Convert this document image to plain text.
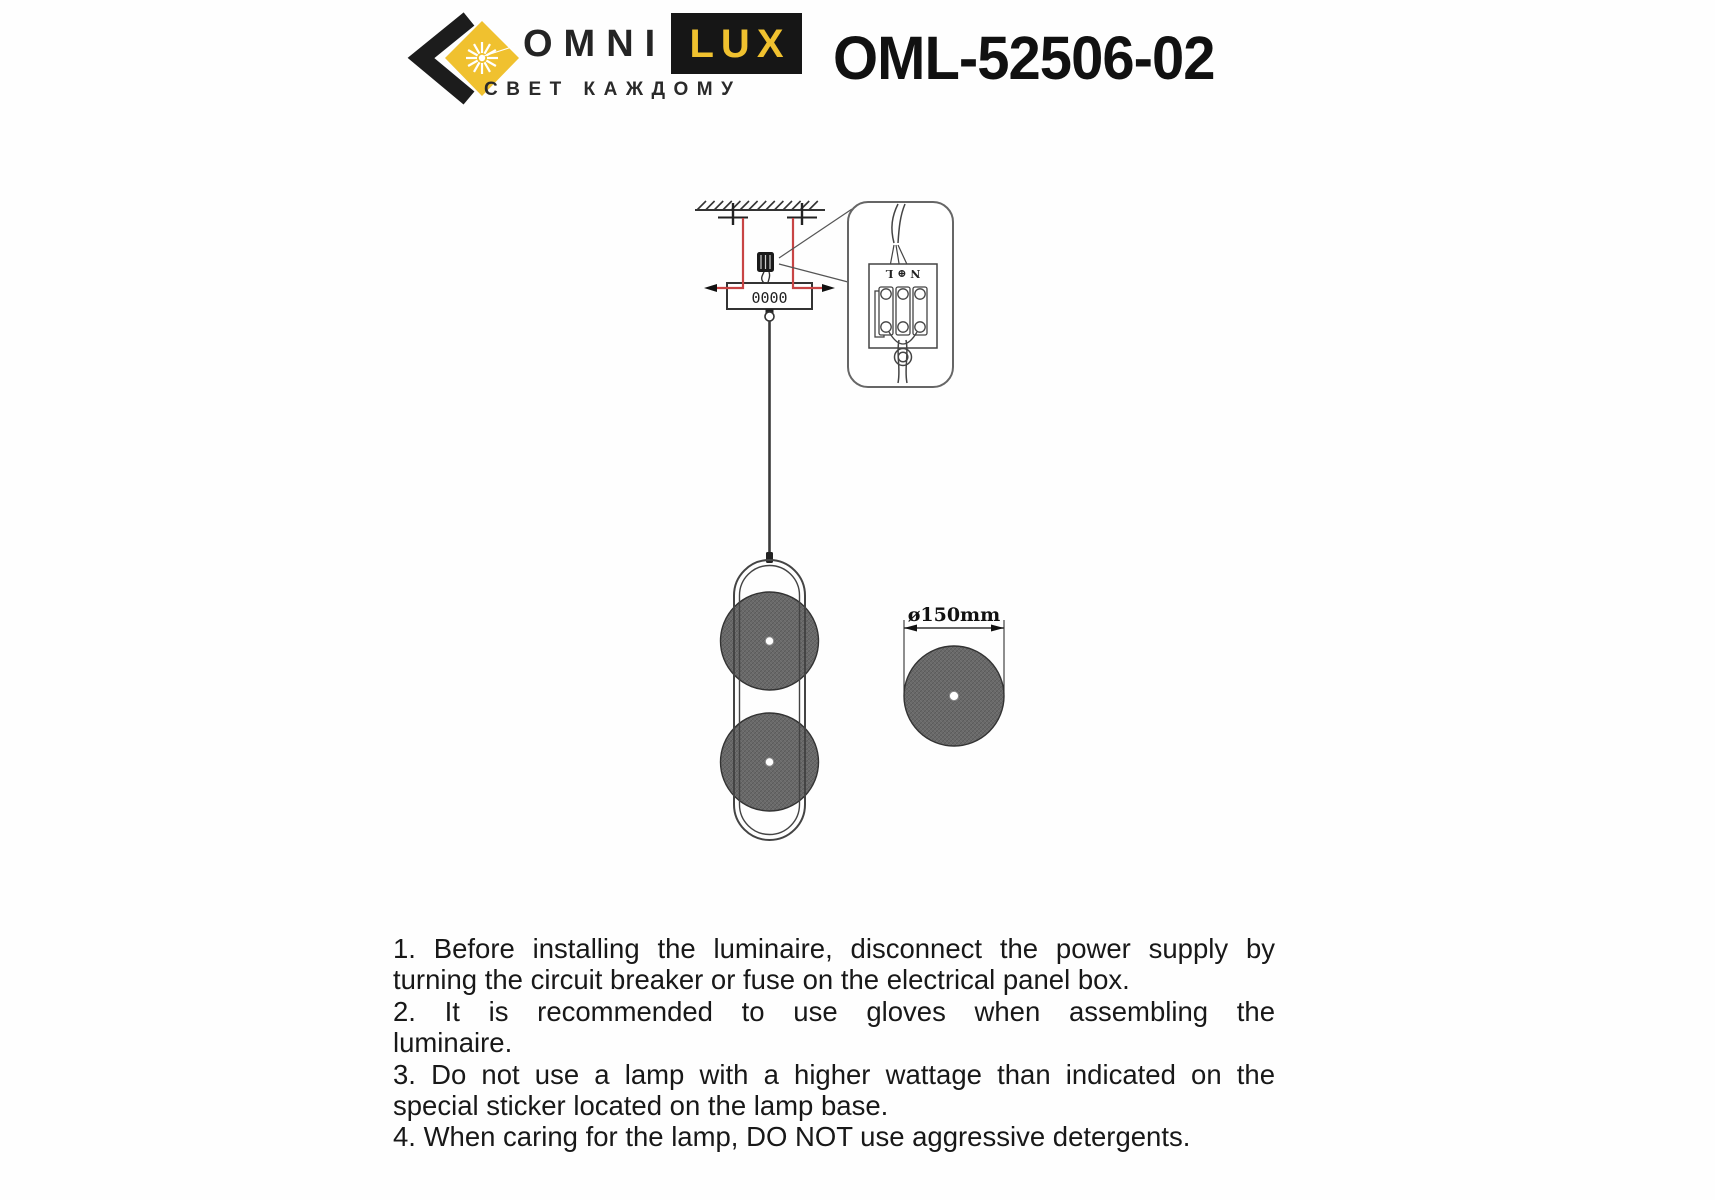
OMNI LUX
СВЕТ КАЖДОМУ OML-52506-02
0000
N ⊕ L
ø150mm
1. Before installing the luminaire, disconnect the power supply by
turning the circuit breaker or fuse on the electrical panel box.
2. It is recommended to use gloves when assembling the
luminaire.
3. Do not use a lamp with a higher wattage than indicated on the
special sticker located on the lamp base.
4. When caring for the lamp, DO NOT use aggressive detergents.
